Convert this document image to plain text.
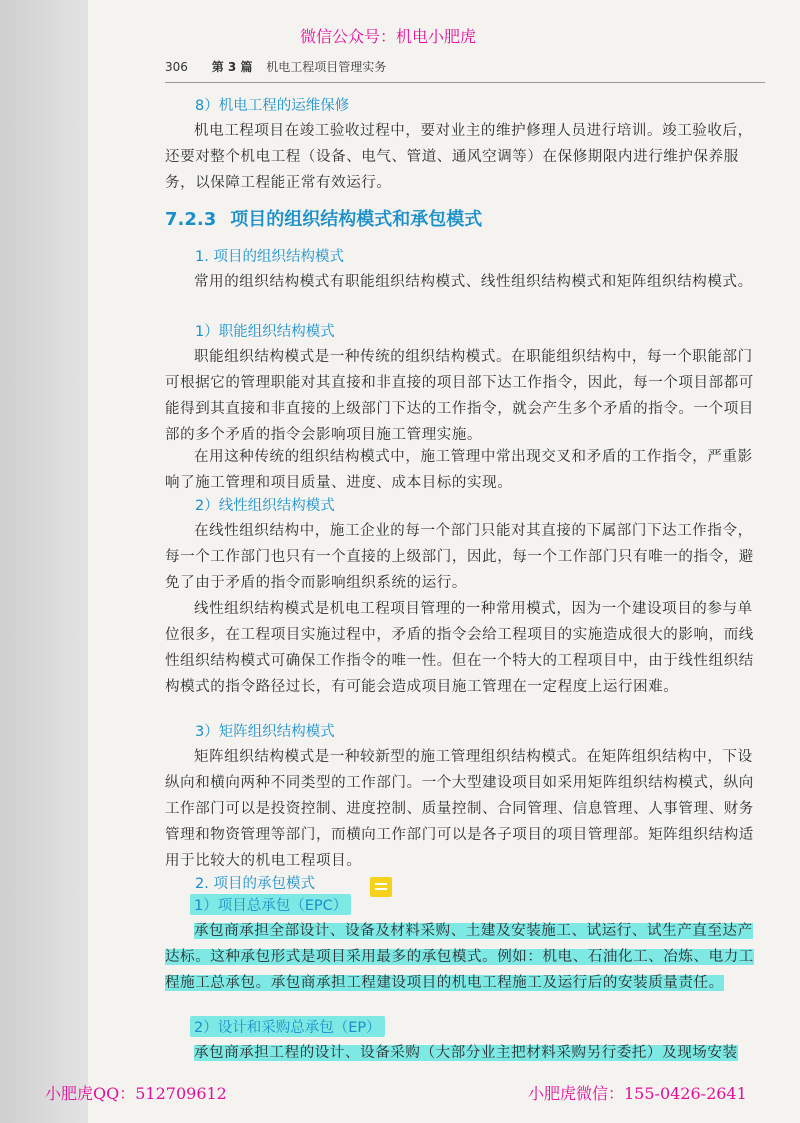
微信公众号：机电小肥虎
306 第 3 篇 机电工程项目管理实务
8）机电工程的运维保修
机电工程项目在竣工验收过程中，要对业主的维护修理人员进行培训。竣工验收后，还要对整个机电工程（设备、电气、管道、通风空调等）在保修期限内进行维护保养服务，以保障工程能正常有效运行。
7.2.3 项目的组织结构模式和承包模式
1. 项目的组织结构模式
常用的组织结构模式有职能组织结构模式、线性组织结构模式和矩阵组织结构模式。
1）职能组织结构模式
职能组织结构模式是一种传统的组织结构模式。在职能组织结构中，每一个职能部门可根据它的管理职能对其直接和非直接的项目部下达工作指令，因此，每一个项目部都可能得到其直接和非直接的上级部门下达的工作指令，就会产生多个矛盾的指令。一个项目部的多个矛盾的指令会影响项目施工管理实施。
在用这种传统的组织结构模式中，施工管理中常出现交叉和矛盾的工作指令，严重影响了施工管理和项目质量、进度、成本目标的实现。
2）线性组织结构模式
在线性组织结构中，施工企业的每一个部门只能对其直接的下属部门下达工作指令，每一个工作部门也只有一个直接的上级部门，因此，每一个工作部门只有唯一的指令，避免了由于矛盾的指令而影响组织系统的运行。
线性组织结构模式是机电工程项目管理的一种常用模式，因为一个建设项目的参与单位很多，在工程项目实施过程中，矛盾的指令会给工程项目的实施造成很大的影响，而线性组织结构模式可确保工作指令的唯一性。但在一个特大的工程项目中，由于线性组织结构模式的指令路径过长，有可能会造成项目施工管理在一定程度上运行困难。
3）矩阵组织结构模式
矩阵组织结构模式是一种较新型的施工管理组织结构模式。在矩阵组织结构中，下设纵向和横向两种不同类型的工作部门。一个大型建设项目如采用矩阵组织结构模式，纵向工作部门可以是投资控制、进度控制、质量控制、合同管理、信息管理、人事管理、财务管理和物资管理等部门，而横向工作部门可以是各子项目的项目管理部。矩阵组织结构适用于比较大的机电工程项目。
2. 项目的承包模式
1）项目总承包（EPC）
承包商承担全部设计、设备及材料采购、土建及安装施工、试运行、试生产直至达产达标。这种承包形式是项目采用最多的承包模式。例如：机电、石油化工、冶炼、电力工程施工总承包。承包商承担工程建设项目的机电工程施工及运行后的安装质量责任。
2）设计和采购总承包（EP）
承包商承担工程的设计、设备采购（大部分业主把材料采购另行委托）及现场安装
小肥虎QQ：512709612	小肥虎微信：155-0426-2641
